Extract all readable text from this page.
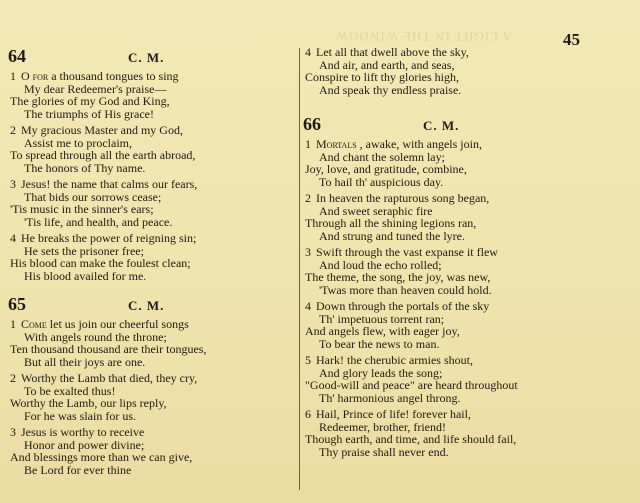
A LIGHT IN THE WINDOW	45
64	C. M.
1 O for a thousand tongues to sing
My dear Redeemer's praise—
The glories of my God and King,
The triumphs of His grace!
2 My gracious Master and my God,
Assist me to proclaim,
To spread through all the earth abroad,
The honors of Thy name.
3 Jesus! the name that calms our fears,
That bids our sorrows cease;
'Tis music in the sinner's ears;
'Tis life, and health, and peace.
4 He breaks the power of reigning sin;
He sets the prisoner free;
His blood can make the foulest clean;
His blood availed for me.
65	C. M.
1 Come let us join our cheerful songs
With angels round the throne;
Ten thousand thousand are their tongues,
But all their joys are one.
2 Worthy the Lamb that died, they cry,
To be exalted thus!
Worthy the Lamb, our lips reply,
For he was slain for us.
3 Jesus is worthy to receive
Honor and power divine;
And blessings more than we can give,
Be Lord for ever thine
4 Let all that dwell above the sky,
And air, and earth, and seas,
Conspire to lift thy glories high,
And speak thy endless praise.
66	C. M.
1 Mortals , awake, with angels join,
And chant the solemn lay;
Joy, love, and gratitude, combine,
To hail th' auspicious day.
2 In heaven the rapturous song began,
And sweet seraphic fire
Through all the shining legions ran,
And strung and tuned the lyre.
3 Swift through the vast expanse it flew
And loud the echo rolled;
The theme, the song, the joy, was new,
'Twas more than heaven could hold.
4 Down through the portals of the sky
Th' impetuous torrent ran;
And angels flew, with eager joy,
To bear the news to man.
5 Hark! the cherubic armies shout,
And glory leads the song;
"Good-will and peace" are heard throughout
Th' harmonious angel throng.
6 Hail, Prince of life! forever hail,
Redeemer, brother, friend!
Though earth, and time, and life should fail,
Thy praise shall never end.
